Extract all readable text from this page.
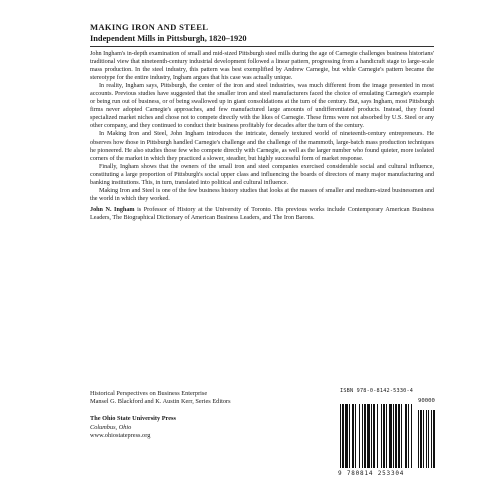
MAKING IRON AND STEEL
Independent Mills in Pittsburgh, 1820–1920

John Ingham's in-depth examination of small and mid-sized Pittsburgh steel mills during the age of Carnegie challenges business historians' traditional view that nineteenth-century industrial development followed a linear pattern, progressing from a handicraft stage to large-scale mass production. In the steel industry, this pattern was best exemplified by Andrew Carnegie, but while Carnegie's pattern became the stereotype for the entire industry, Ingham argues that his case was actually unique.

In reality, Ingham says, Pittsburgh, the center of the iron and steel industries, was much different from the image presented in most accounts. Previous studies have suggested that the smaller iron and steel manufacturers faced the choice of emulating Carnegie's example or being run out of business, or of being swallowed up in giant consolidations at the turn of the century. But, says Ingham, most Pittsburgh firms never adopted Carnegie's approaches, and few manufactured large amounts of undifferentiated products. Instead, they found specialized market niches and chose not to compete directly with the likes of Carnegie. These firms were not absorbed by U.S. Steel or any other company, and they continued to conduct their business profitably for decades after the turn of the century.

In Making Iron and Steel, John Ingham introduces the intricate, densely textured world of nineteenth-century entrepreneurs. He observes how those in Pittsburgh handled Carnegie's challenge and the challenge of the mammoth, large-batch mass production techniques he pioneered. He also studies those few who compete directly with Carnegie, as well as the larger number who found quieter, more isolated corners of the market in which they practiced a slower, steadier, but highly successful form of market response.

Finally, Ingham shows that the owners of the small iron and steel companies exercised considerable social and cultural influence, constituting a large proportion of Pittsburgh's social upper class and influencing the boards of directors of many major manufacturing and banking institutions. This, in turn, translated into political and cultural influence.

Making Iron and Steel is one of the few business history studies that looks at the masses of smaller and medium-sized businessmen and the world in which they worked.

John N. Ingham is Professor of History at the University of Toronto. His previous works include Contemporary American Business Leaders, The Biographical Dictionary of American Business Leaders, and The Iron Barons.

Historical Perspectives on Business Enterprise
Mansel G. Blackford and K. Austin Kerr, Series Editors
The Ohio State University Press
Columbus, Ohio
www.ohiostatepress.org
ISBN 978-0-8142-5330-4
90000
9 780814 253304
